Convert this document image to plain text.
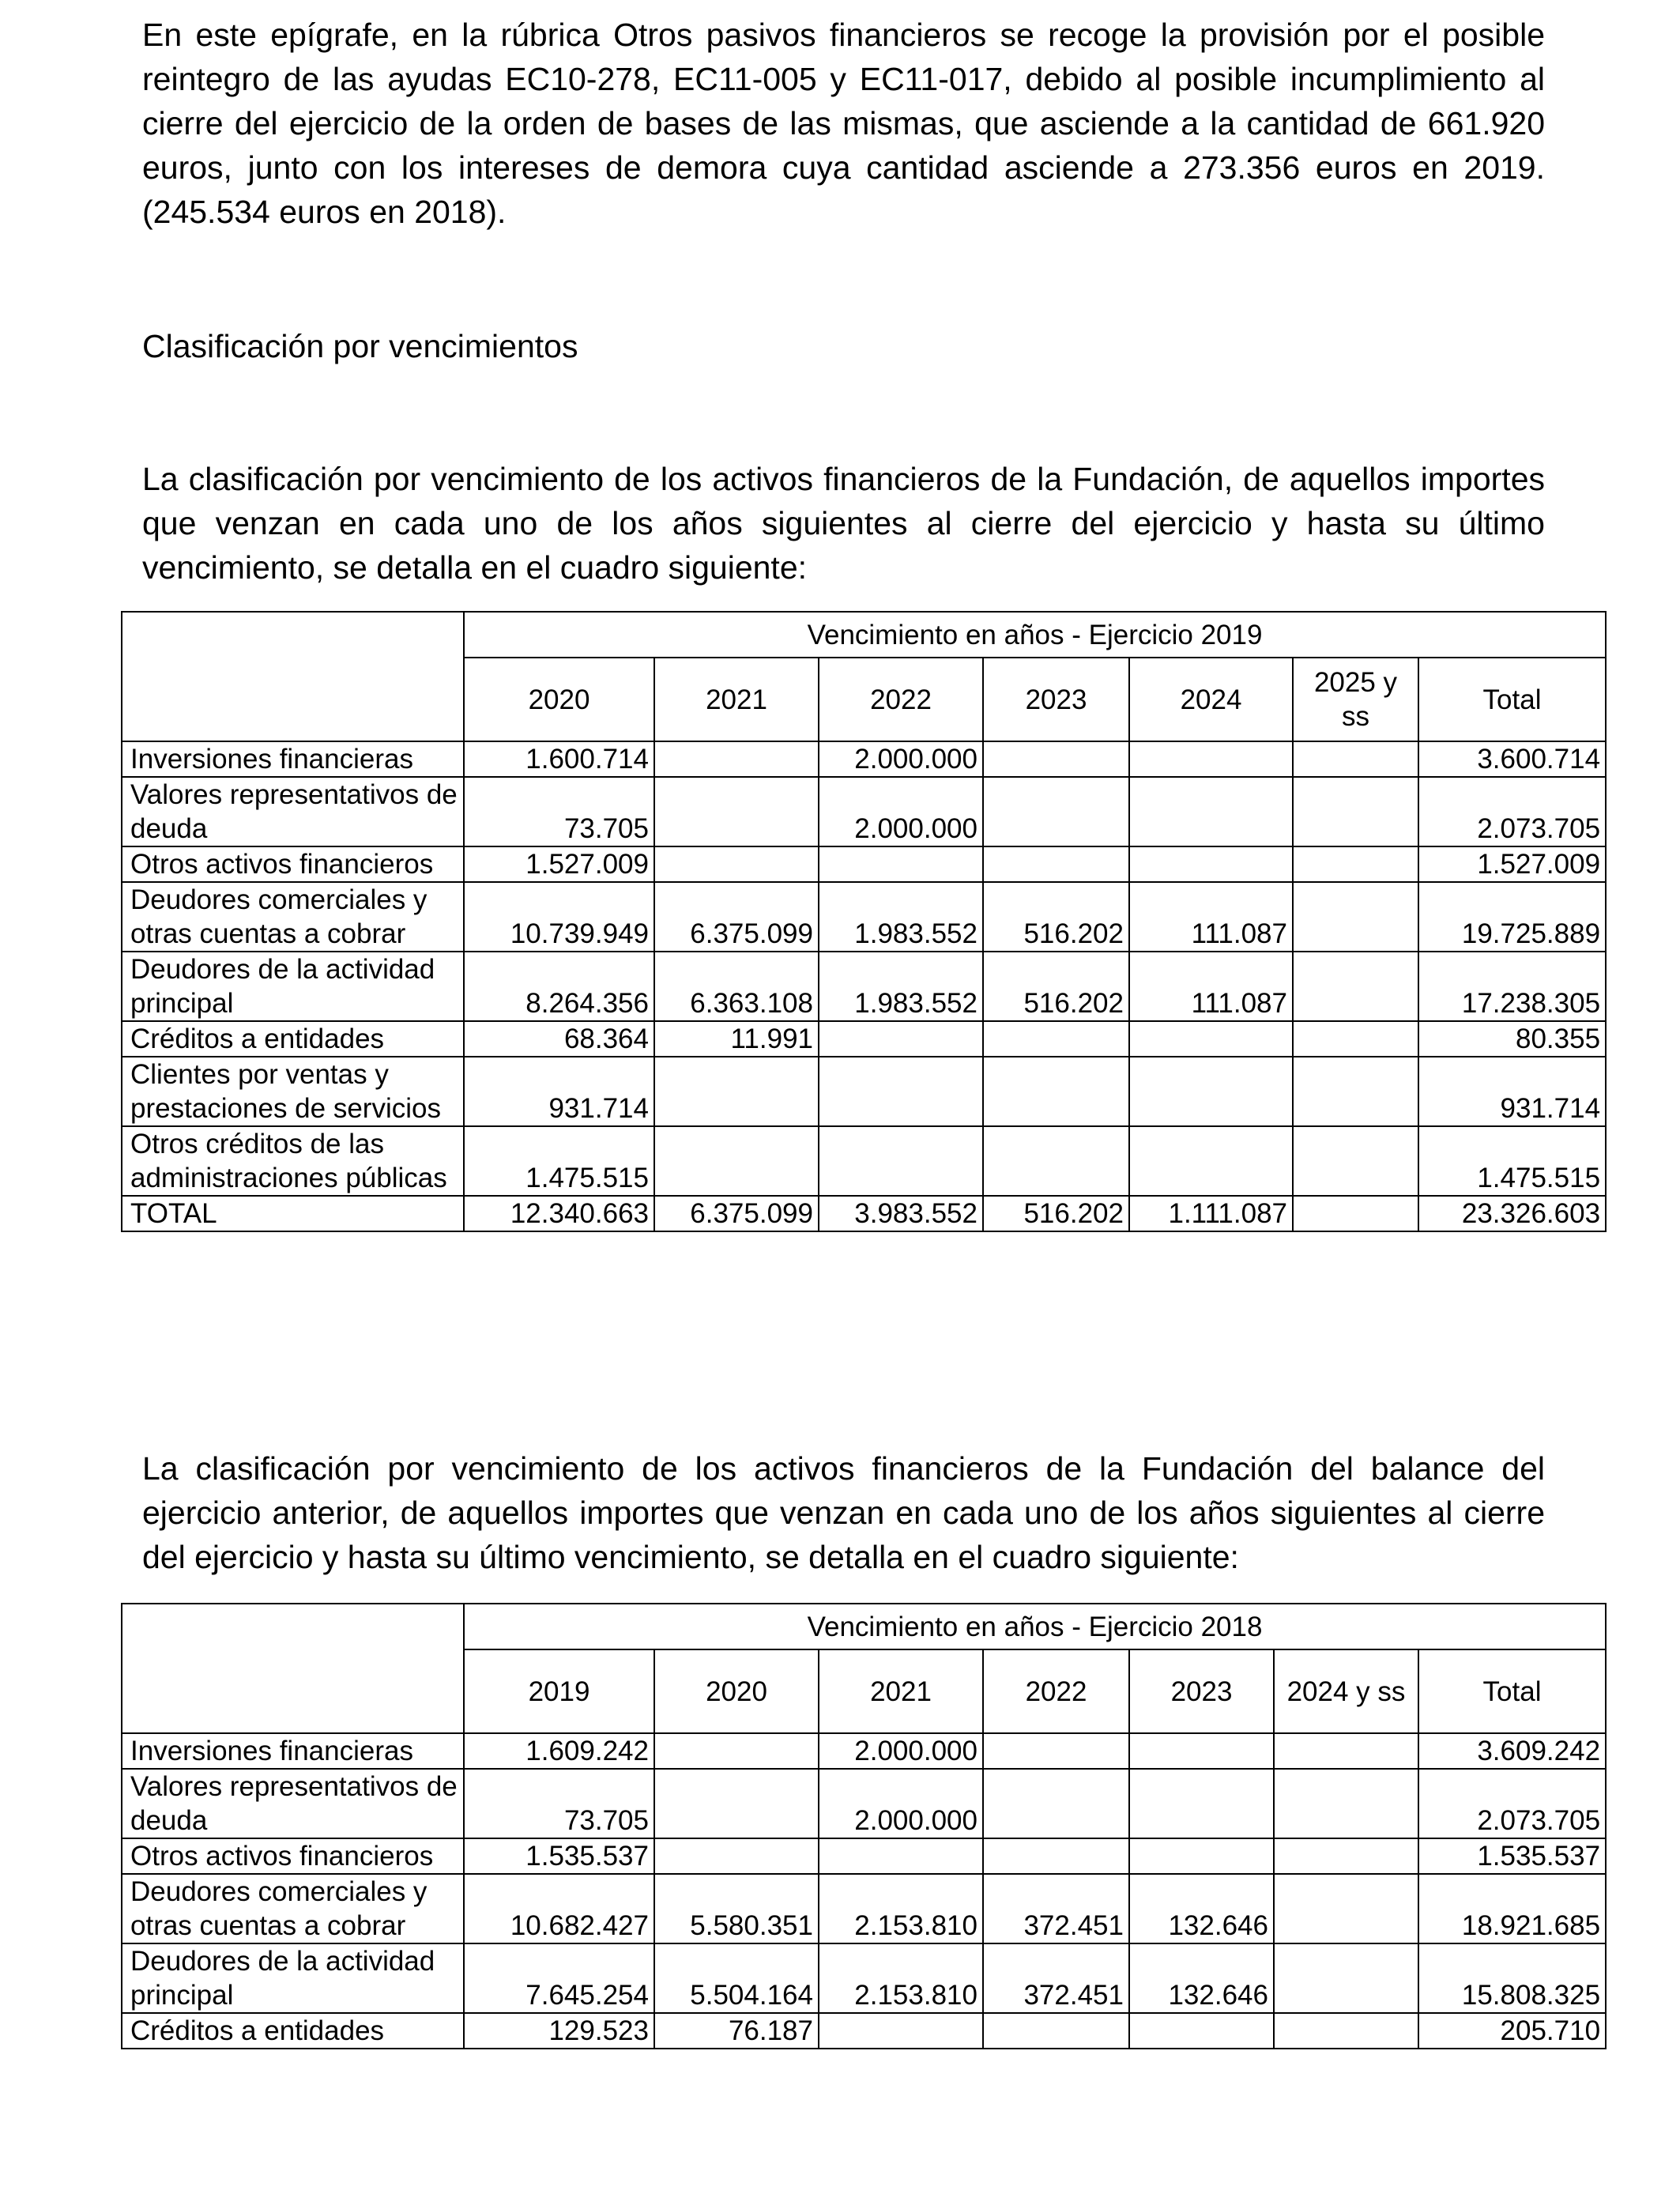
En este epígrafe, en la rúbrica Otros pasivos financieros se recoge la provisión por el posible reintegro de las ayudas EC10-278, EC11-005 y EC11-017, debido al posible incumplimiento al cierre del ejercicio de la orden de bases de las mismas, que asciende a la cantidad de 661.920 euros, junto con los intereses de demora cuya cantidad asciende a 273.356 euros en 2019. (245.534 euros en 2018).

Clasificación por vencimientos

La clasificación por vencimiento de los activos financieros de la Fundación, de aquellos importes que venzan en cada uno de los años siguientes al cierre del ejercicio y hasta su último vencimiento, se detalla en el cuadro siguiente:

	Vencimiento en años - Ejercicio 2019						
	2020	2021	2022	2023	2024	2025 y ss	Total
Inversiones financieras	1.600.714		2.000.000				3.600.714
Valores representativos de deuda	73.705		2.000.000				2.073.705
Otros activos financieros	1.527.009						1.527.009
Deudores comerciales y otras cuentas a cobrar	10.739.949	6.375.099	1.983.552	516.202	111.087		19.725.889
Deudores de la actividad principal	8.264.356	6.363.108	1.983.552	516.202	111.087		17.238.305
Créditos a entidades	68.364	11.991					80.355
Clientes por ventas y prestaciones de servicios	931.714						931.714
Otros créditos de las administraciones públicas	1.475.515						1.475.515
TOTAL	12.340.663	6.375.099	3.983.552	516.202	1.111.087		23.326.603

La clasificación por vencimiento de los activos financieros de la Fundación del balance del ejercicio anterior, de aquellos importes que venzan en cada uno de los años siguientes al cierre del ejercicio y hasta su último vencimiento, se detalla en el cuadro siguiente:

	Vencimiento en años - Ejercicio 2018						
	2019	2020	2021	2022	2023	2024 y ss	Total
Inversiones financieras	1.609.242		2.000.000				3.609.242
Valores representativos de deuda	73.705		2.000.000				2.073.705
Otros activos financieros	1.535.537						1.535.537
Deudores comerciales y otras cuentas a cobrar	10.682.427	5.580.351	2.153.810	372.451	132.646		18.921.685
Deudores de la actividad principal	7.645.254	5.504.164	2.153.810	372.451	132.646		15.808.325
Créditos a entidades	129.523	76.187					205.710
